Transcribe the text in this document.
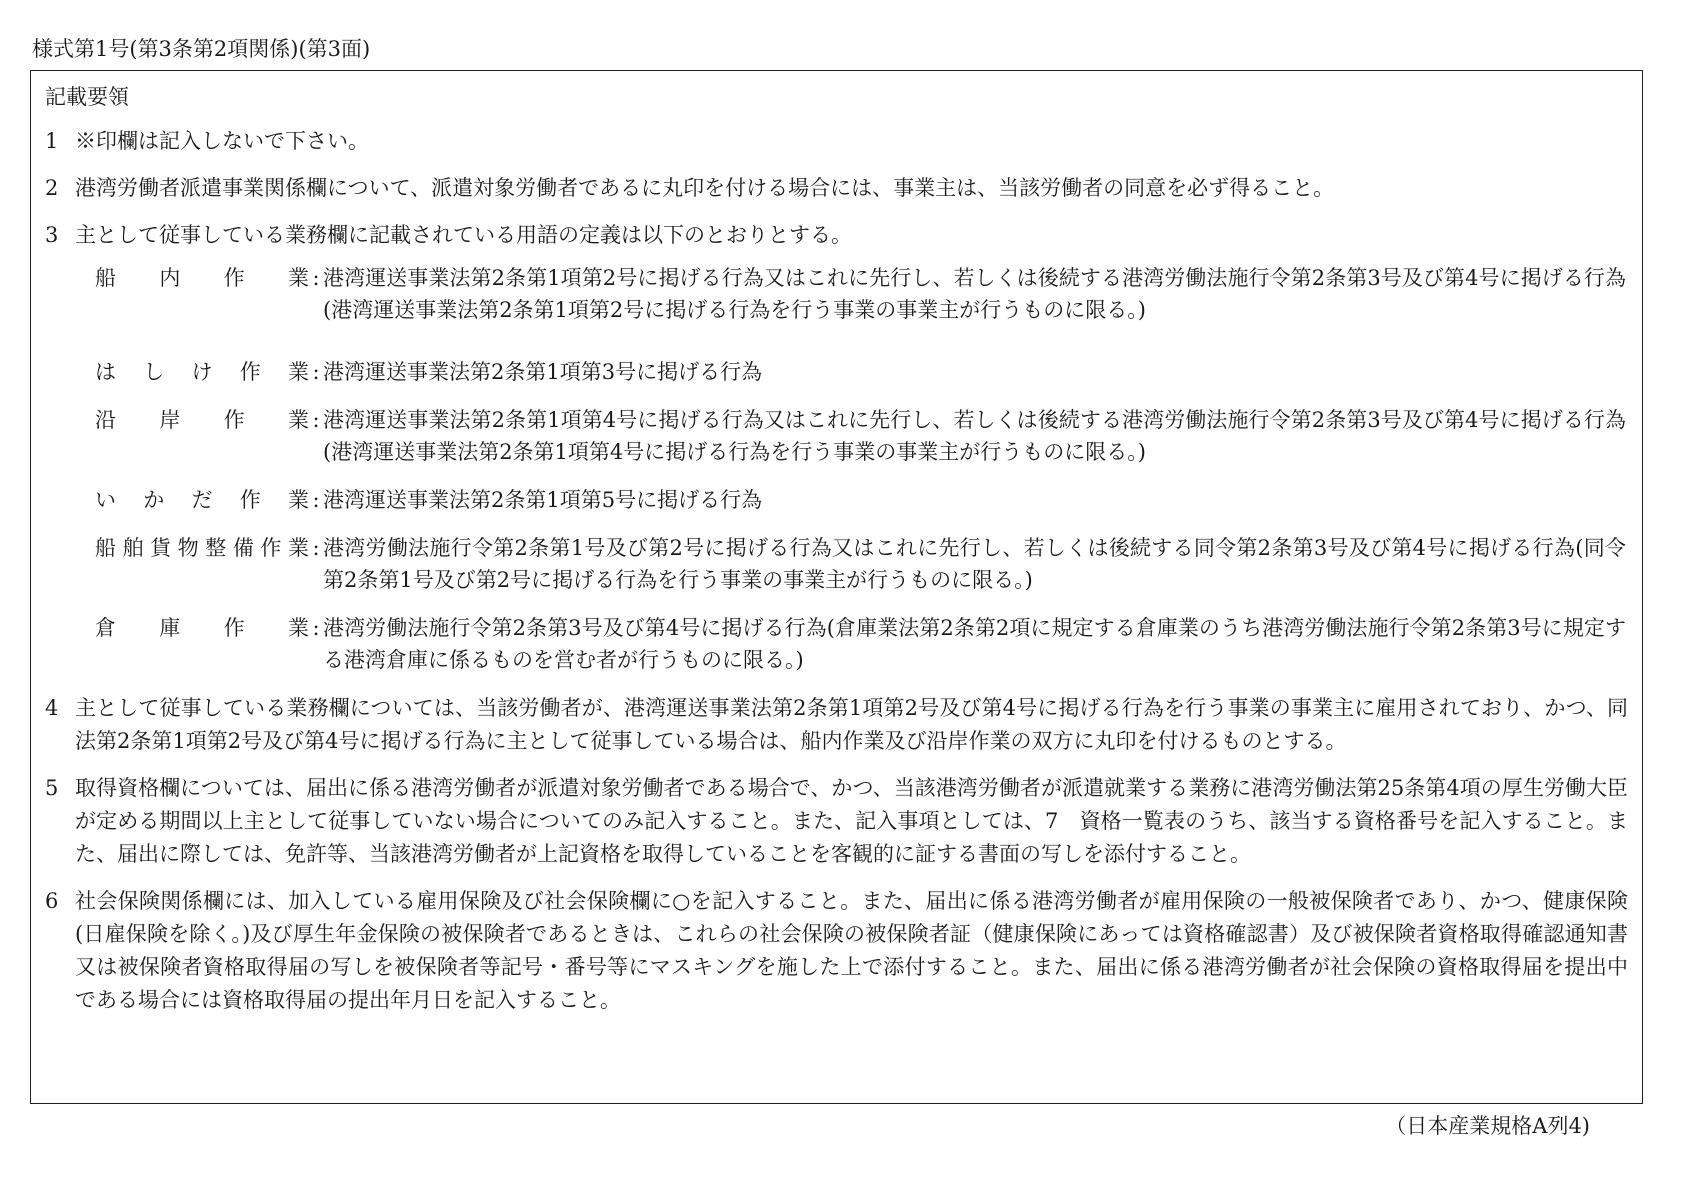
様式第1号(第3条第2項関係)(第3面)
記載要領
1 ※印欄は記入しないで下さい。
2 港湾労働者派遣事業関係欄について、派遣対象労働者であるに丸印を付ける場合には、事業主は、当該労働者の同意を必ず得ること。
3 主として従事している業務欄に記載されている用語の定義は以下のとおりとする。
船 内 作 業 : 港湾運送事業法第2条第1項第2号に掲げる行為又はこれに先行し、若しくは後続する港湾労働法施行令第2条第3号及び第4号に掲げる行為(港湾運送事業法第2条第1項第2号に掲げる行為を行う事業の事業主が行うものに限る。)
は し け 作 業 : 港湾運送事業法第2条第1項第3号に掲げる行為
沿 岸 作 業 : 港湾運送事業法第2条第1項第4号に掲げる行為又はこれに先行し、若しくは後続する港湾労働法施行令第2条第3号及び第4号に掲げる行為(港湾運送事業法第2条第1項第4号に掲げる行為を行う事業の事業主が行うものに限る。)
い か だ 作 業 : 港湾運送事業法第2条第1項第5号に掲げる行為
船 舶 貨 物 整 備 作 業 : 港湾労働法施行令第2条第1号及び第2号に掲げる行為又はこれに先行し、若しくは後続する同令第2条第3号及び第4号に掲げる行為(同令第2条第1号及び第2号に掲げる行為を行う事業の事業主が行うものに限る。)
倉 庫 作 業 : 港湾労働法施行令第2条第3号及び第4号に掲げる行為(倉庫業法第2条第2項に規定する倉庫業のうち港湾労働法施行令第2条第3号に規定する港湾倉庫に係るものを営む者が行うものに限る。)
4 主として従事している業務欄については、当該労働者が、港湾運送事業法第2条第1項第2号及び第4号に掲げる行為を行う事業の事業主に雇用されており、かつ、同法第2条第1項第2号及び第4号に掲げる行為に主として従事している場合は、船内作業及び沿岸作業の双方に丸印を付けるものとする。
5 取得資格欄については、届出に係る港湾労働者が派遣対象労働者である場合で、かつ、当該港湾労働者が派遣就業する業務に港湾労働法第25条第4項の厚生労働大臣が定める期間以上主として従事していない場合についてのみ記入すること。また、記入事項としては、7　資格一覧表のうち、該当する資格番号を記入すること。また、届出に際しては、免許等、当該港湾労働者が上記資格を取得していることを客観的に証する書面の写しを添付すること。
6 社会保険関係欄には、加入している雇用保険及び社会保険欄に○を記入すること。また、届出に係る港湾労働者が雇用保険の一般被保険者であり、かつ、健康保険(日雇保険を除く。)及び厚生年金保険の被保険者であるときは、これらの社会保険の被保険者証（健康保険にあっては資格確認書）及び被保険者資格取得確認通知書又は被保険者資格取得届の写しを被保険者等記号・番号等にマスキングを施した上で添付すること。また、届出に係る港湾労働者が社会保険の資格取得届を提出中である場合には資格取得届の提出年月日を記入すること。
（日本産業規格A列4)
